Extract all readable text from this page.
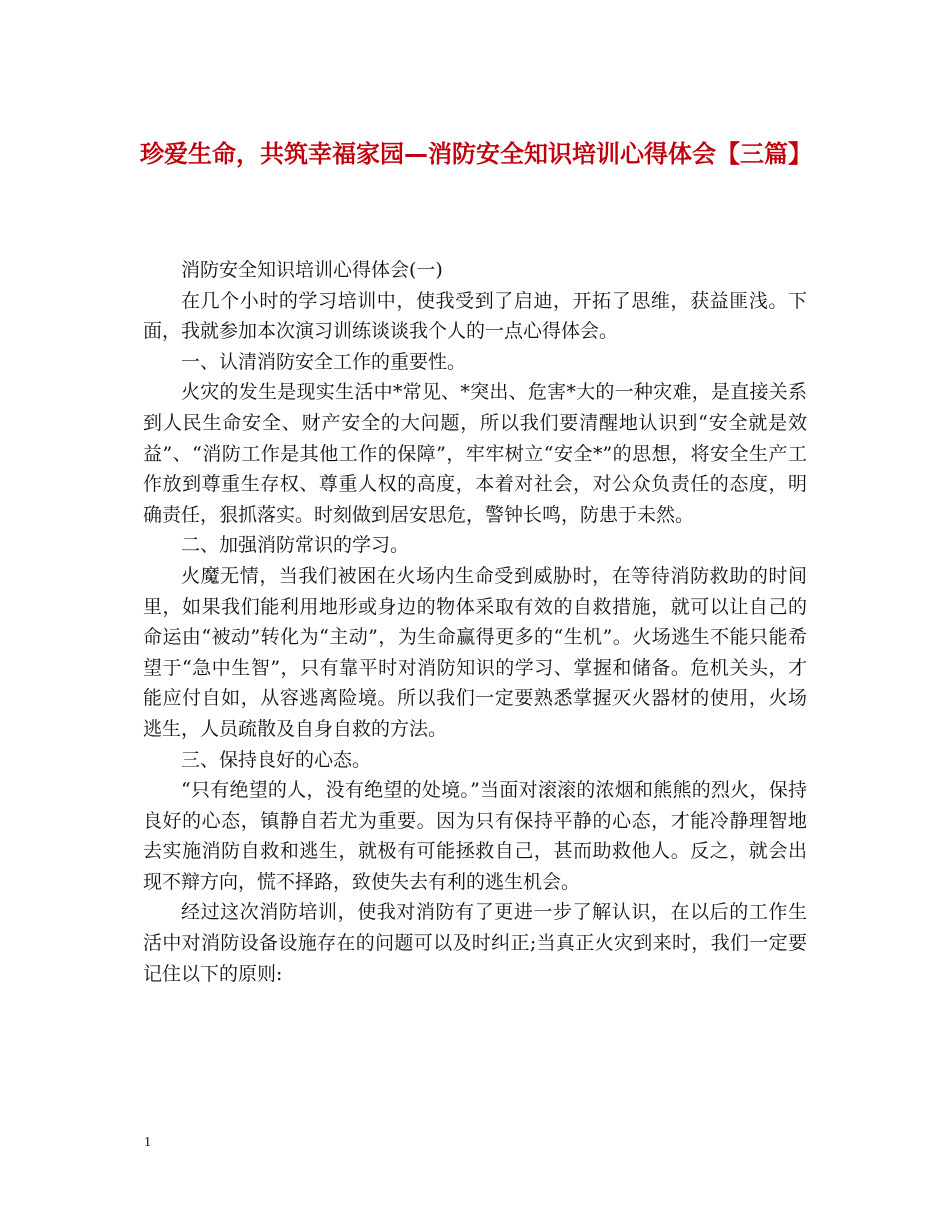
珍爱生命，共筑幸福家园—消防安全知识培训心得体会【三篇】

消防安全知识培训心得体会(一)

在几个小时的学习培训中，使我受到了启迪，开拓了思维，获益匪浅。下面，我就参加本次演习训练谈谈我个人的一点心得体会。

一、认清消防安全工作的重要性。

火灾的发生是现实生活中*常见、*突出、危害*大的一种灾难，是直接关系到人民生命安全、财产安全的大问题，所以我们要清醒地认识到“安全就是效益”、“消防工作是其他工作的保障”，牢牢树立“安全*”的思想，将安全生产工作放到尊重生存权、尊重人权的高度，本着对社会，对公众负责任的态度，明确责任，狠抓落实。时刻做到居安思危，警钟长鸣，防患于未然。

二、加强消防常识的学习。

火魔无情，当我们被困在火场内生命受到威胁时，在等待消防救助的时间里，如果我们能利用地形或身边的物体采取有效的自救措施，就可以让自己的命运由“被动”转化为“主动”，为生命赢得更多的“生机”。火场逃生不能只能希望于“急中生智”，只有靠平时对消防知识的学习、掌握和储备。危机关头，才能应付自如，从容逃离险境。所以我们一定要熟悉掌握灭火器材的使用，火场逃生，人员疏散及自身自救的方法。

三、保持良好的心态。

“只有绝望的人，没有绝望的处境。”当面对滚滚的浓烟和熊熊的烈火，保持良好的心态，镇静自若尤为重要。因为只有保持平静的心态，才能冷静理智地去实施消防自救和逃生，就极有可能拯救自己，甚而助救他人。反之，就会出现不辩方向，慌不择路，致使失去有利的逃生机会。

经过这次消防培训，使我对消防有了更进一步了解认识，在以后的工作生活中对消防设备设施存在的问题可以及时纠正;当真正火灾到来时，我们一定要记住以下的原则:

1
